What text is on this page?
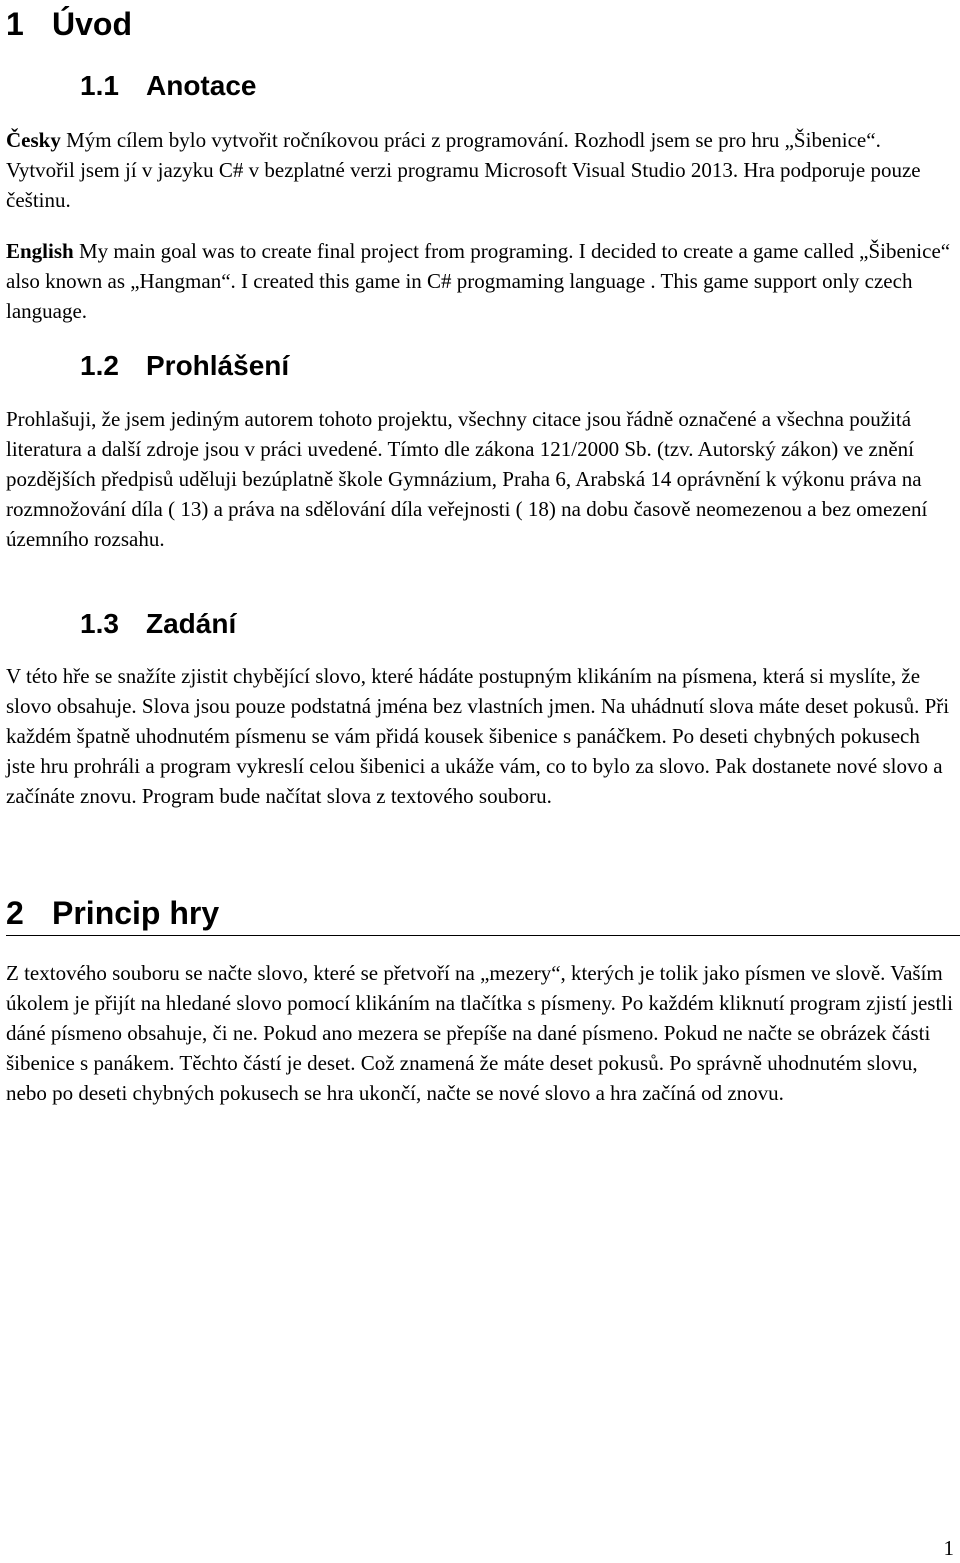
1 Úvod
1.1 Anotace

Česky Mým cílem bylo vytvořit ročníkovou práci z programování. Rozhodl jsem se pro hru „Šibenice“. Vytvořil jsem jí v jazyku C# v bezplatné verzi programu Microsoft Visual Studio 2013. Hra podporuje pouze češtinu.

English My main goal was to create final project from programing. I decided to create a game called „Šibenice“ also known as „Hangman“. I created this game in C# progmaming language . This game support only czech language.

1.2 Prohlášení

Prohlašuji, že jsem jediným autorem tohoto projektu, všechny citace jsou řádně označené a všechna použitá literatura a další zdroje jsou v práci uvedené. Tímto dle zákona 121/2000 Sb. (tzv. Autorský zákon) ve znění pozdějších předpisů uděluji bezúplatně škole Gymnázium, Praha 6, Arabská 14 oprávnění k výkonu práva na rozmnožování díla ( 13) a práva na sdělování díla veřejnosti ( 18) na dobu časově neomezenou a bez omezení územního rozsahu.

1.3 Zadání

V této hře se snažíte zjistit chybějící slovo, které hádáte postupným klikáním na písmena, která si myslíte, že slovo obsahuje. Slova jsou pouze podstatná jména bez vlastních jmen. Na uhádnutí slova máte deset pokusů. Při každém špatně uhodnutém písmenu se vám přidá kousek šibenice s panáčkem. Po deseti chybných pokusech jste hru prohráli a program vykreslí celou šibenici a ukáže vám, co to bylo za slovo. Pak dostanete nové slovo a začínáte znovu. Program bude načítat slova z textového souboru.

2 Princip hry

Z textového souboru se načte slovo, které se přetvoří na „mezery“, kterých je tolik jako písmen ve slově. Vaším úkolem je přijít na hledané slovo pomocí klikáním na tlačítka s písmeny. Po každém kliknutí program zjistí jestli dáné písmeno obsahuje, či ne. Pokud ano mezera se přepíše na dané písmeno. Pokud ne načte se obrázek části šibenice s panákem. Těchto částí je deset. Což znamená že máte deset pokusů. Po správně uhodnutém slovu, nebo po deseti chybných pokusech se hra ukončí, načte se nové slovo a hra začíná od znovu.

1
